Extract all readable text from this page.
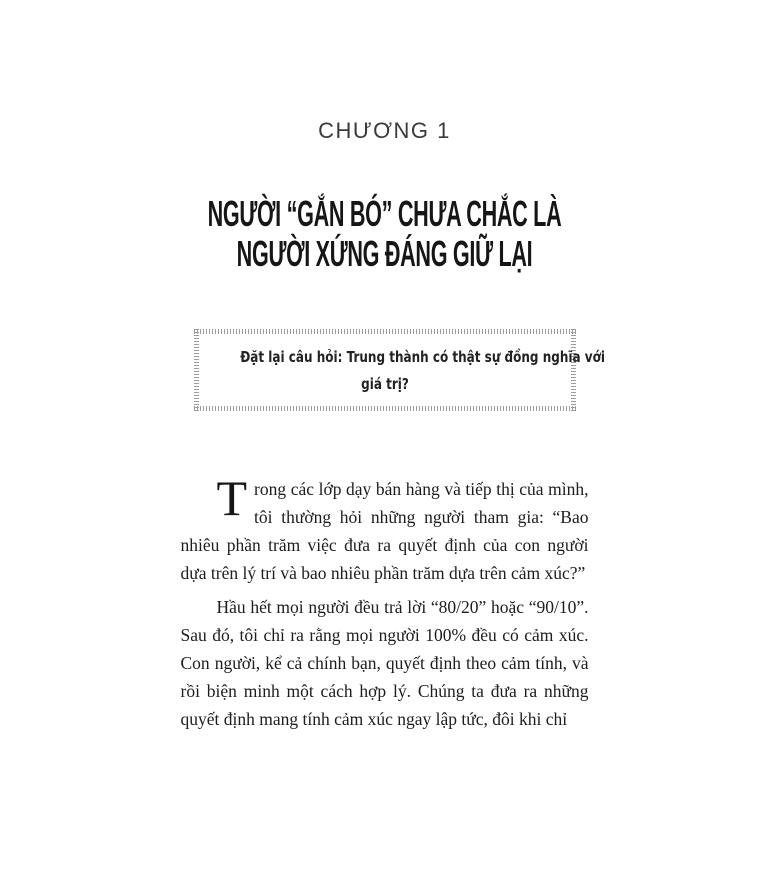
CHƯƠNG 1
NGƯỜI “GẮN BÓ” CHƯA CHẮC LÀ
NGƯỜI XỨNG ĐÁNG GIỮ LẠI
Đặt lại câu hỏi: Trung thành có thật sự đồng nghĩa với
giá trị?

Trong các lớp dạy bán hàng và tiếp thị của mình, tôi thường hỏi những người tham gia: “Bao nhiêu phần trăm việc đưa ra quyết định của con người dựa trên lý trí và bao nhiêu phần trăm dựa trên cảm xúc?”

Hầu hết mọi người đều trả lời “80/20” hoặc “90/10”. Sau đó, tôi chỉ ra rằng mọi người 100% đều có cảm xúc. Con người, kể cả chính bạn, quyết định theo cảm tính, và rồi biện minh một cách hợp lý. Chúng ta đưa ra những quyết định mang tính cảm xúc ngay lập tức, đôi khi chỉ
